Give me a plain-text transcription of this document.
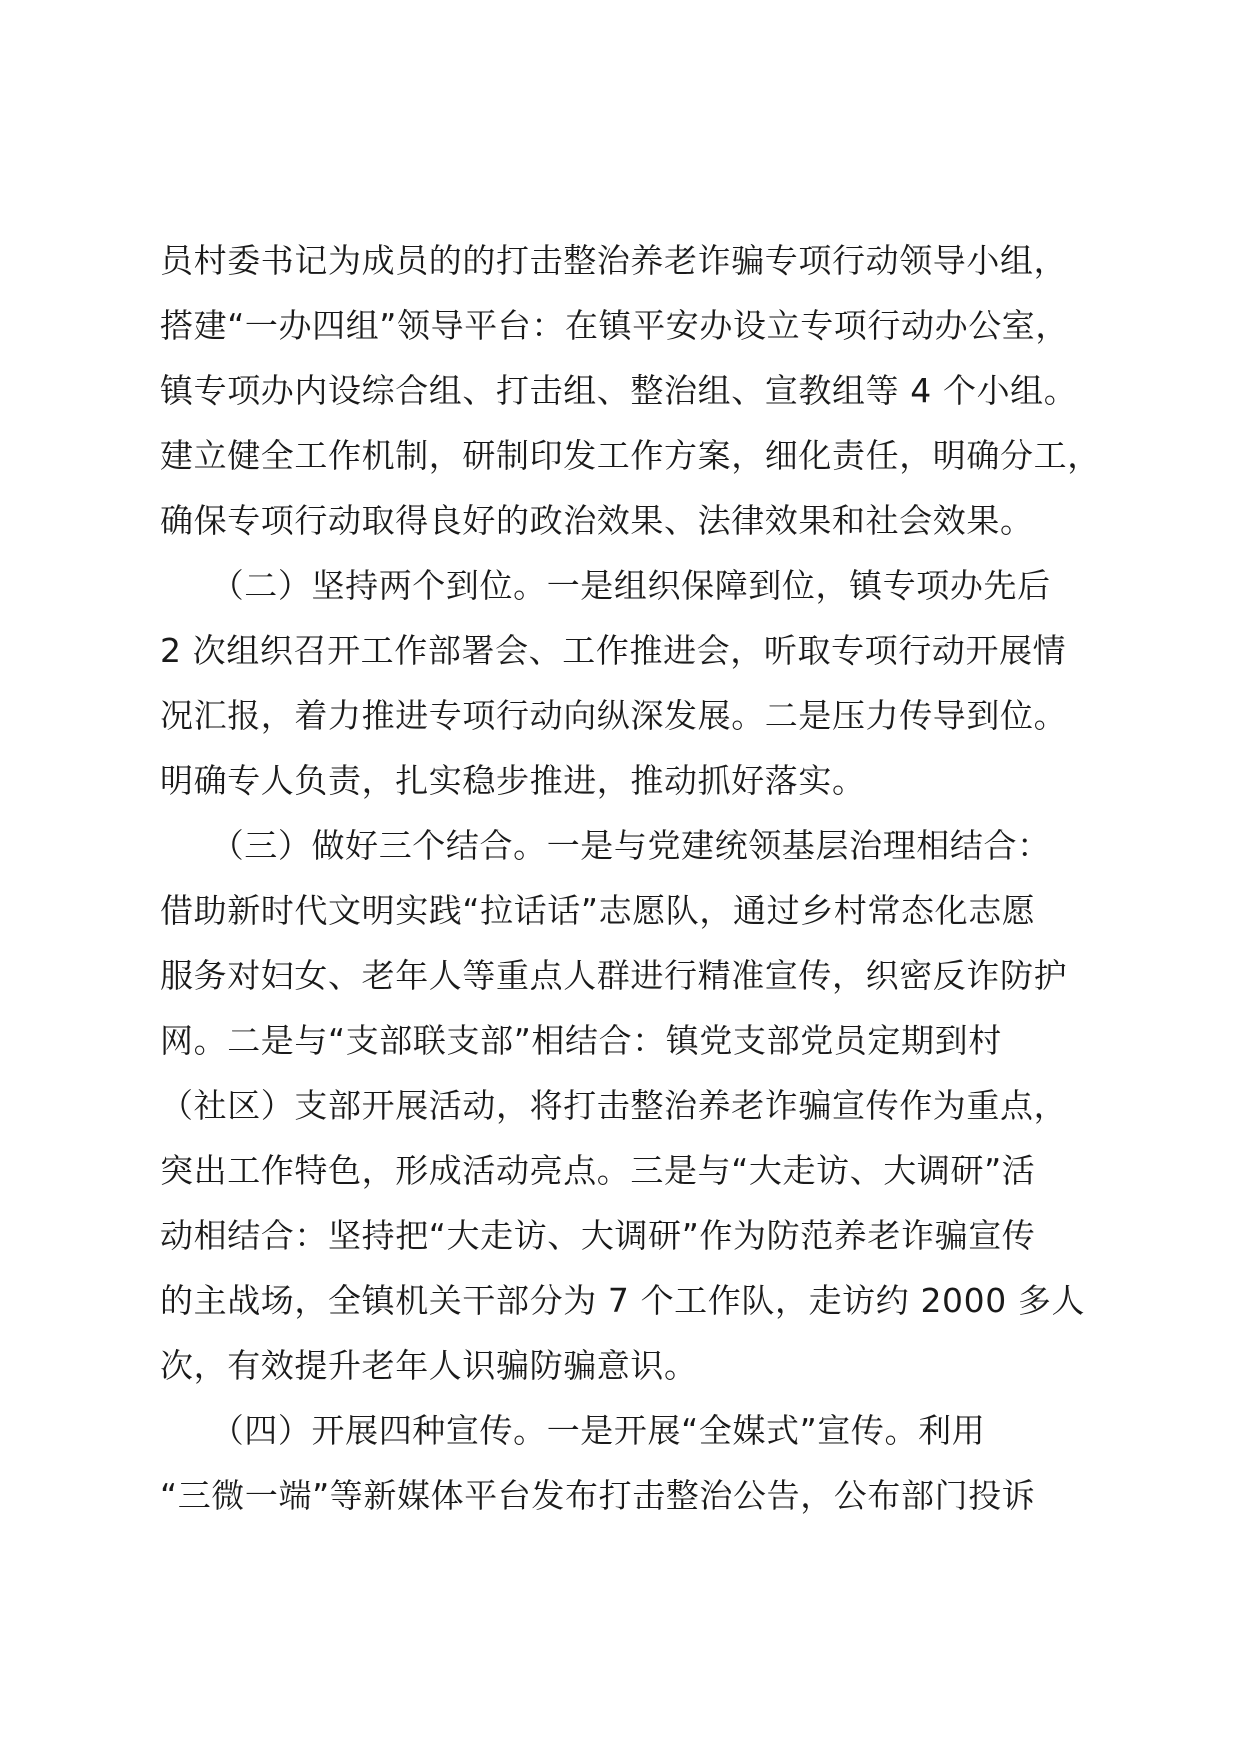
员村委书记为成员的的打击整治养老诈骗专项行动领导小组，
搭建“一办四组”领导平台：在镇平安办设立专项行动办公室，
镇专项办内设综合组、打击组、整治组、宣教组等 4 个小组。
建立健全工作机制，研制印发工作方案，细化责任，明确分工，
确保专项行动取得良好的政治效果、法律效果和社会效果。
　　（二）坚持两个到位。一是组织保障到位，镇专项办先后
2 次组织召开工作部署会、工作推进会，听取专项行动开展情
况汇报，着力推进专项行动向纵深发展。二是压力传导到位。
明确专人负责，扎实稳步推进，推动抓好落实。
　　（三）做好三个结合。一是与党建统领基层治理相结合：
借助新时代文明实践“拉话话”志愿队，通过乡村常态化志愿
服务对妇女、老年人等重点人群进行精准宣传，织密反诈防护
网。二是与“支部联支部”相结合：镇党支部党员定期到村
（社区）支部开展活动，将打击整治养老诈骗宣传作为重点，
突出工作特色，形成活动亮点。三是与“大走访、大调研”活
动相结合：坚持把“大走访、大调研”作为防范养老诈骗宣传
的主战场，全镇机关干部分为 7 个工作队，走访约 2000 多人
次，有效提升老年人识骗防骗意识。
　　（四）开展四种宣传。一是开展“全媒式”宣传。利用
“三微一端”等新媒体平台发布打击整治公告，公布部门投诉
